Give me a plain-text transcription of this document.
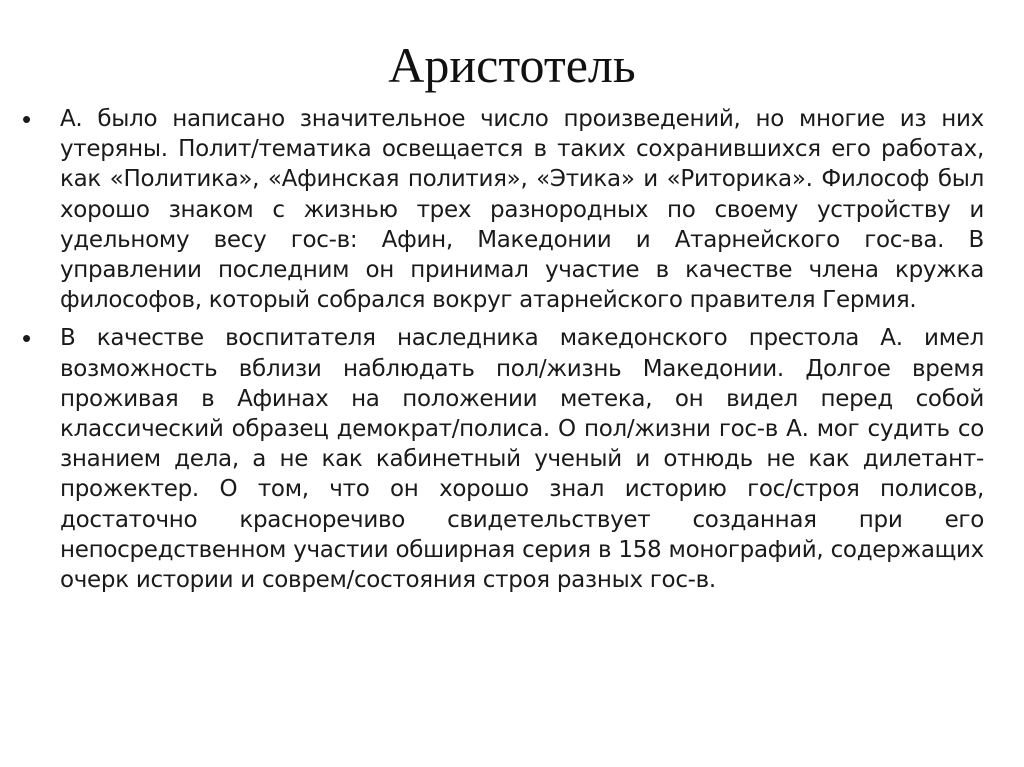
Аристотель
• А. было написано значительное число произведений, но многие из них утеряны. Полит/тематика освещается в таких сохранившихся его работах, как «Политика», «Афинская полития», «Этика» и «Риторика». Философ был хорошо знаком с жизнью трех разнородных по своему устройству и удельному весу гос-в: Афин, Македонии и Атарнейского гос-ва. В управлении последним он принимал участие в качестве члена кружка философов, который собрался вокруг атарнейского правителя Гермия.
• В качестве воспитателя наследника македонского престола А. имел возможность вблизи наблюдать пол/жизнь Македонии. Долгое время проживая в Афинах на положении метека, он видел перед собой классический образец демократ/полиса. О пол/жизни гос-в А. мог судить со знанием дела, а не как кабинетный ученый и отнюдь не как дилетант-прожектер. О том, что он хорошо знал историю гос/строя полисов, достаточно красноречиво свидетельствует созданная при его непосредственном участии обширная серия в 158 монографий, содержащих очерк истории и соврем/состояния строя разных гос-в.
